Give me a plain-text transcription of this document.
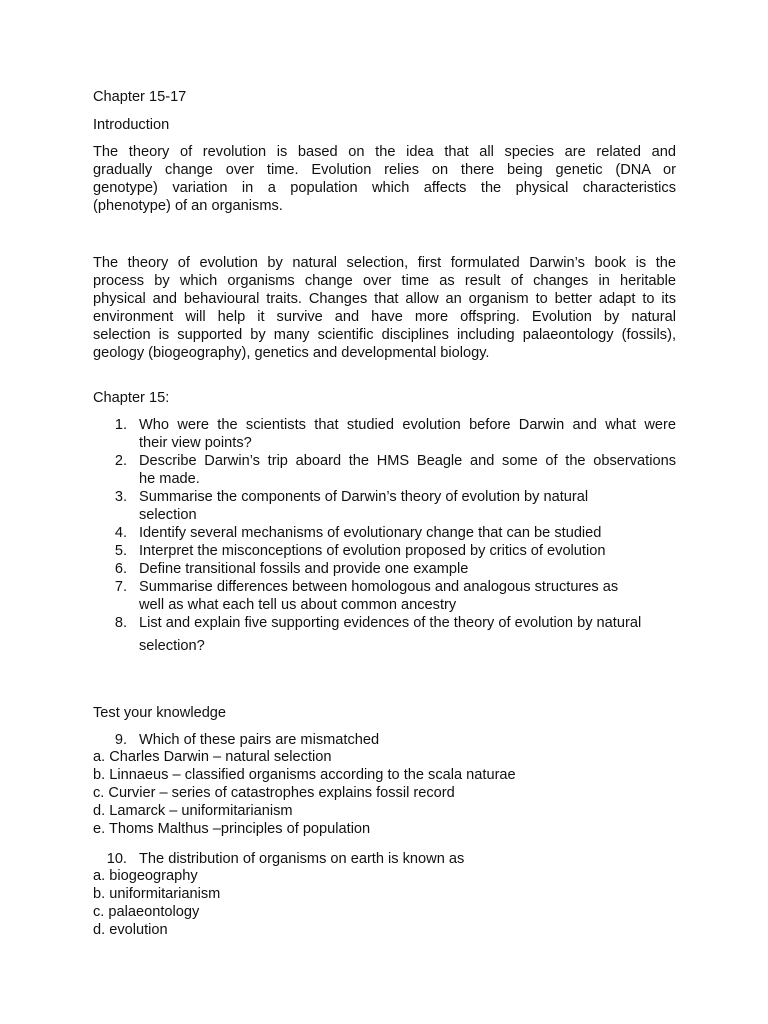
Chapter 15-17

Introduction

The theory of revolution is based on the idea that all species are related and

gradually change over time. Evolution relies on there being genetic (DNA or

genotype) variation in a population which affects the physical characteristics

(phenotype) of an organisms.

The theory of evolution by natural selection, first formulated Darwin’s book is the

process by which organisms change over time as result of changes in heritable

physical and behavioural traits. Changes that allow an organism to better adapt to its

environment will help it survive and have more offspring. Evolution by natural

selection is supported by many scientific disciplines including palaeontology (fossils),

geology (biogeography), genetics and developmental biology.

Chapter 15:

1. Who were the scientists that studied evolution before Darwin and what were
their view points?
2. Describe Darwin’s trip aboard the HMS Beagle and some of the observations
he made.
3. Summarise the components of Darwin’s theory of evolution by natural
selection
4. Identify several mechanisms of evolutionary change that can be studied
5. Interpret the misconceptions of evolution proposed by critics of evolution
6. Define transitional fossils and provide one example
7. Summarise differences between homologous and analogous structures as
well as what each tell us about common ancestry
8. List and explain five supporting evidences of the theory of evolution by natural
selection?

Test your knowledge

9. Which of these pairs are mismatched

a. Charles Darwin – natural selection

b. Linnaeus – classified organisms according to the scala naturae

c. Curvier – series of catastrophes explains fossil record

d. Lamarck – uniformitarianism

e. Thoms Malthus –principles of population

10. The distribution of organisms on earth is known as

a. biogeography

b. uniformitarianism

c. palaeontology

d. evolution
